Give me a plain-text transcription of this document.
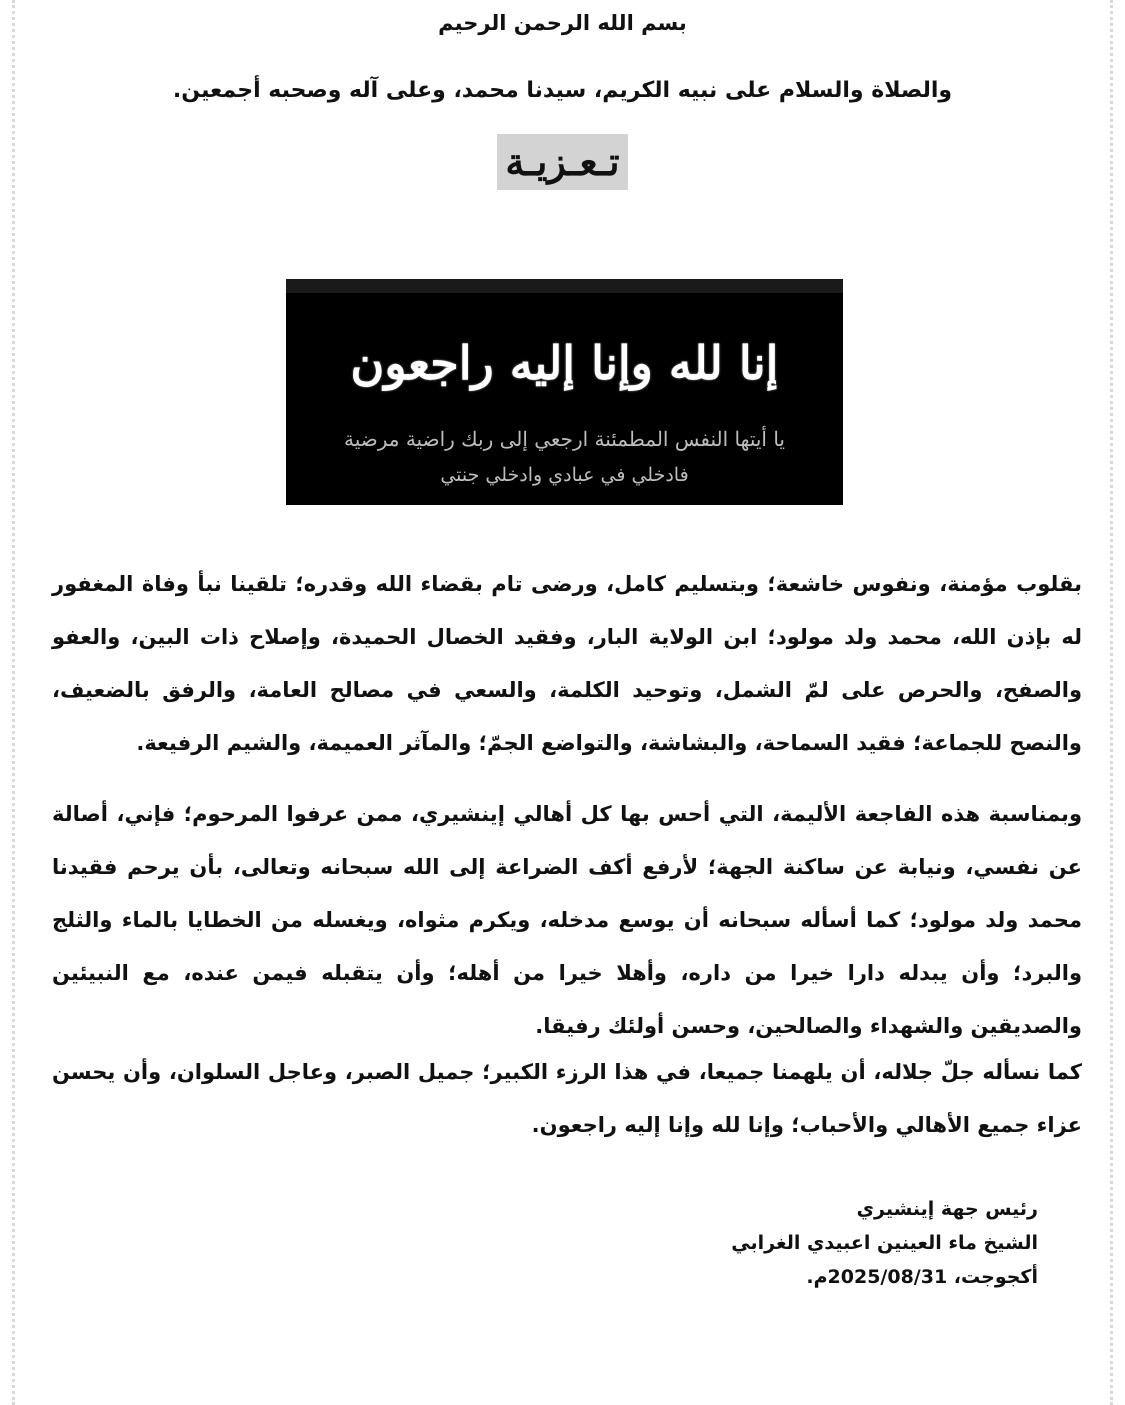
بسم الله الرحمن الرحيم
والصلاة والسلام على نبيه الكريم، سيدنا محمد، وعلى آله وصحبه أجمعين.
تـعـزيـة
إنا لله وإنا إليه راجعون
يا أيتها النفس المطمئنة ارجعي إلى ربك راضية مرضية
فادخلي في عبادي وادخلي جنتي
بقلوب مؤمنة، ونفوس خاشعة؛ وبتسليم كامل، ورضى تام بقضاء الله وقدره؛ تلقينا نبأ وفاة المغفور له بإذن الله، محمد ولد مولود؛ ابن الولاية البار، وفقيد الخصال الحميدة، وإصلاح ذات البين، والعفو والصفح، والحرص على لمّ الشمل، وتوحيد الكلمة، والسعي في مصالح العامة، والرفق بالضعيف، والنصح للجماعة؛ فقيد السماحة، والبشاشة، والتواضع الجمّ؛ والمآثر العميمة، والشيم الرفيعة.
وبمناسبة هذه الفاجعة الأليمة، التي أحس بها كل أهالي إينشيري، ممن عرفوا المرحوم؛ فإني، أصالة عن نفسي، ونيابة عن ساكنة الجهة؛ لأرفع أكف الضراعة إلى الله سبحانه وتعالى، بأن يرحم فقيدنا محمد ولد مولود؛ كما أسأله سبحانه أن يوسع مدخله، ويكرم مثواه، ويغسله من الخطايا بالماء والثلج والبرد؛ وأن يبدله دارا خيرا من داره، وأهلا خيرا من أهله؛ وأن يتقبله فيمن عنده، مع النبيئين والصديقين والشهداء والصالحين، وحسن أولئك رفيقا.
كما نسأله جلّ جلاله، أن يلهمنا جميعا، في هذا الرزء الكبير؛ جميل الصبر، وعاجل السلوان، وأن يحسن عزاء جميع الأهالي والأحباب؛ وإنا لله وإنا إليه راجعون.
رئيس جهة إينشيري
الشيخ ماء العينين اعبيدي الغرابي
أكجوجت، 2025/08/31م.
